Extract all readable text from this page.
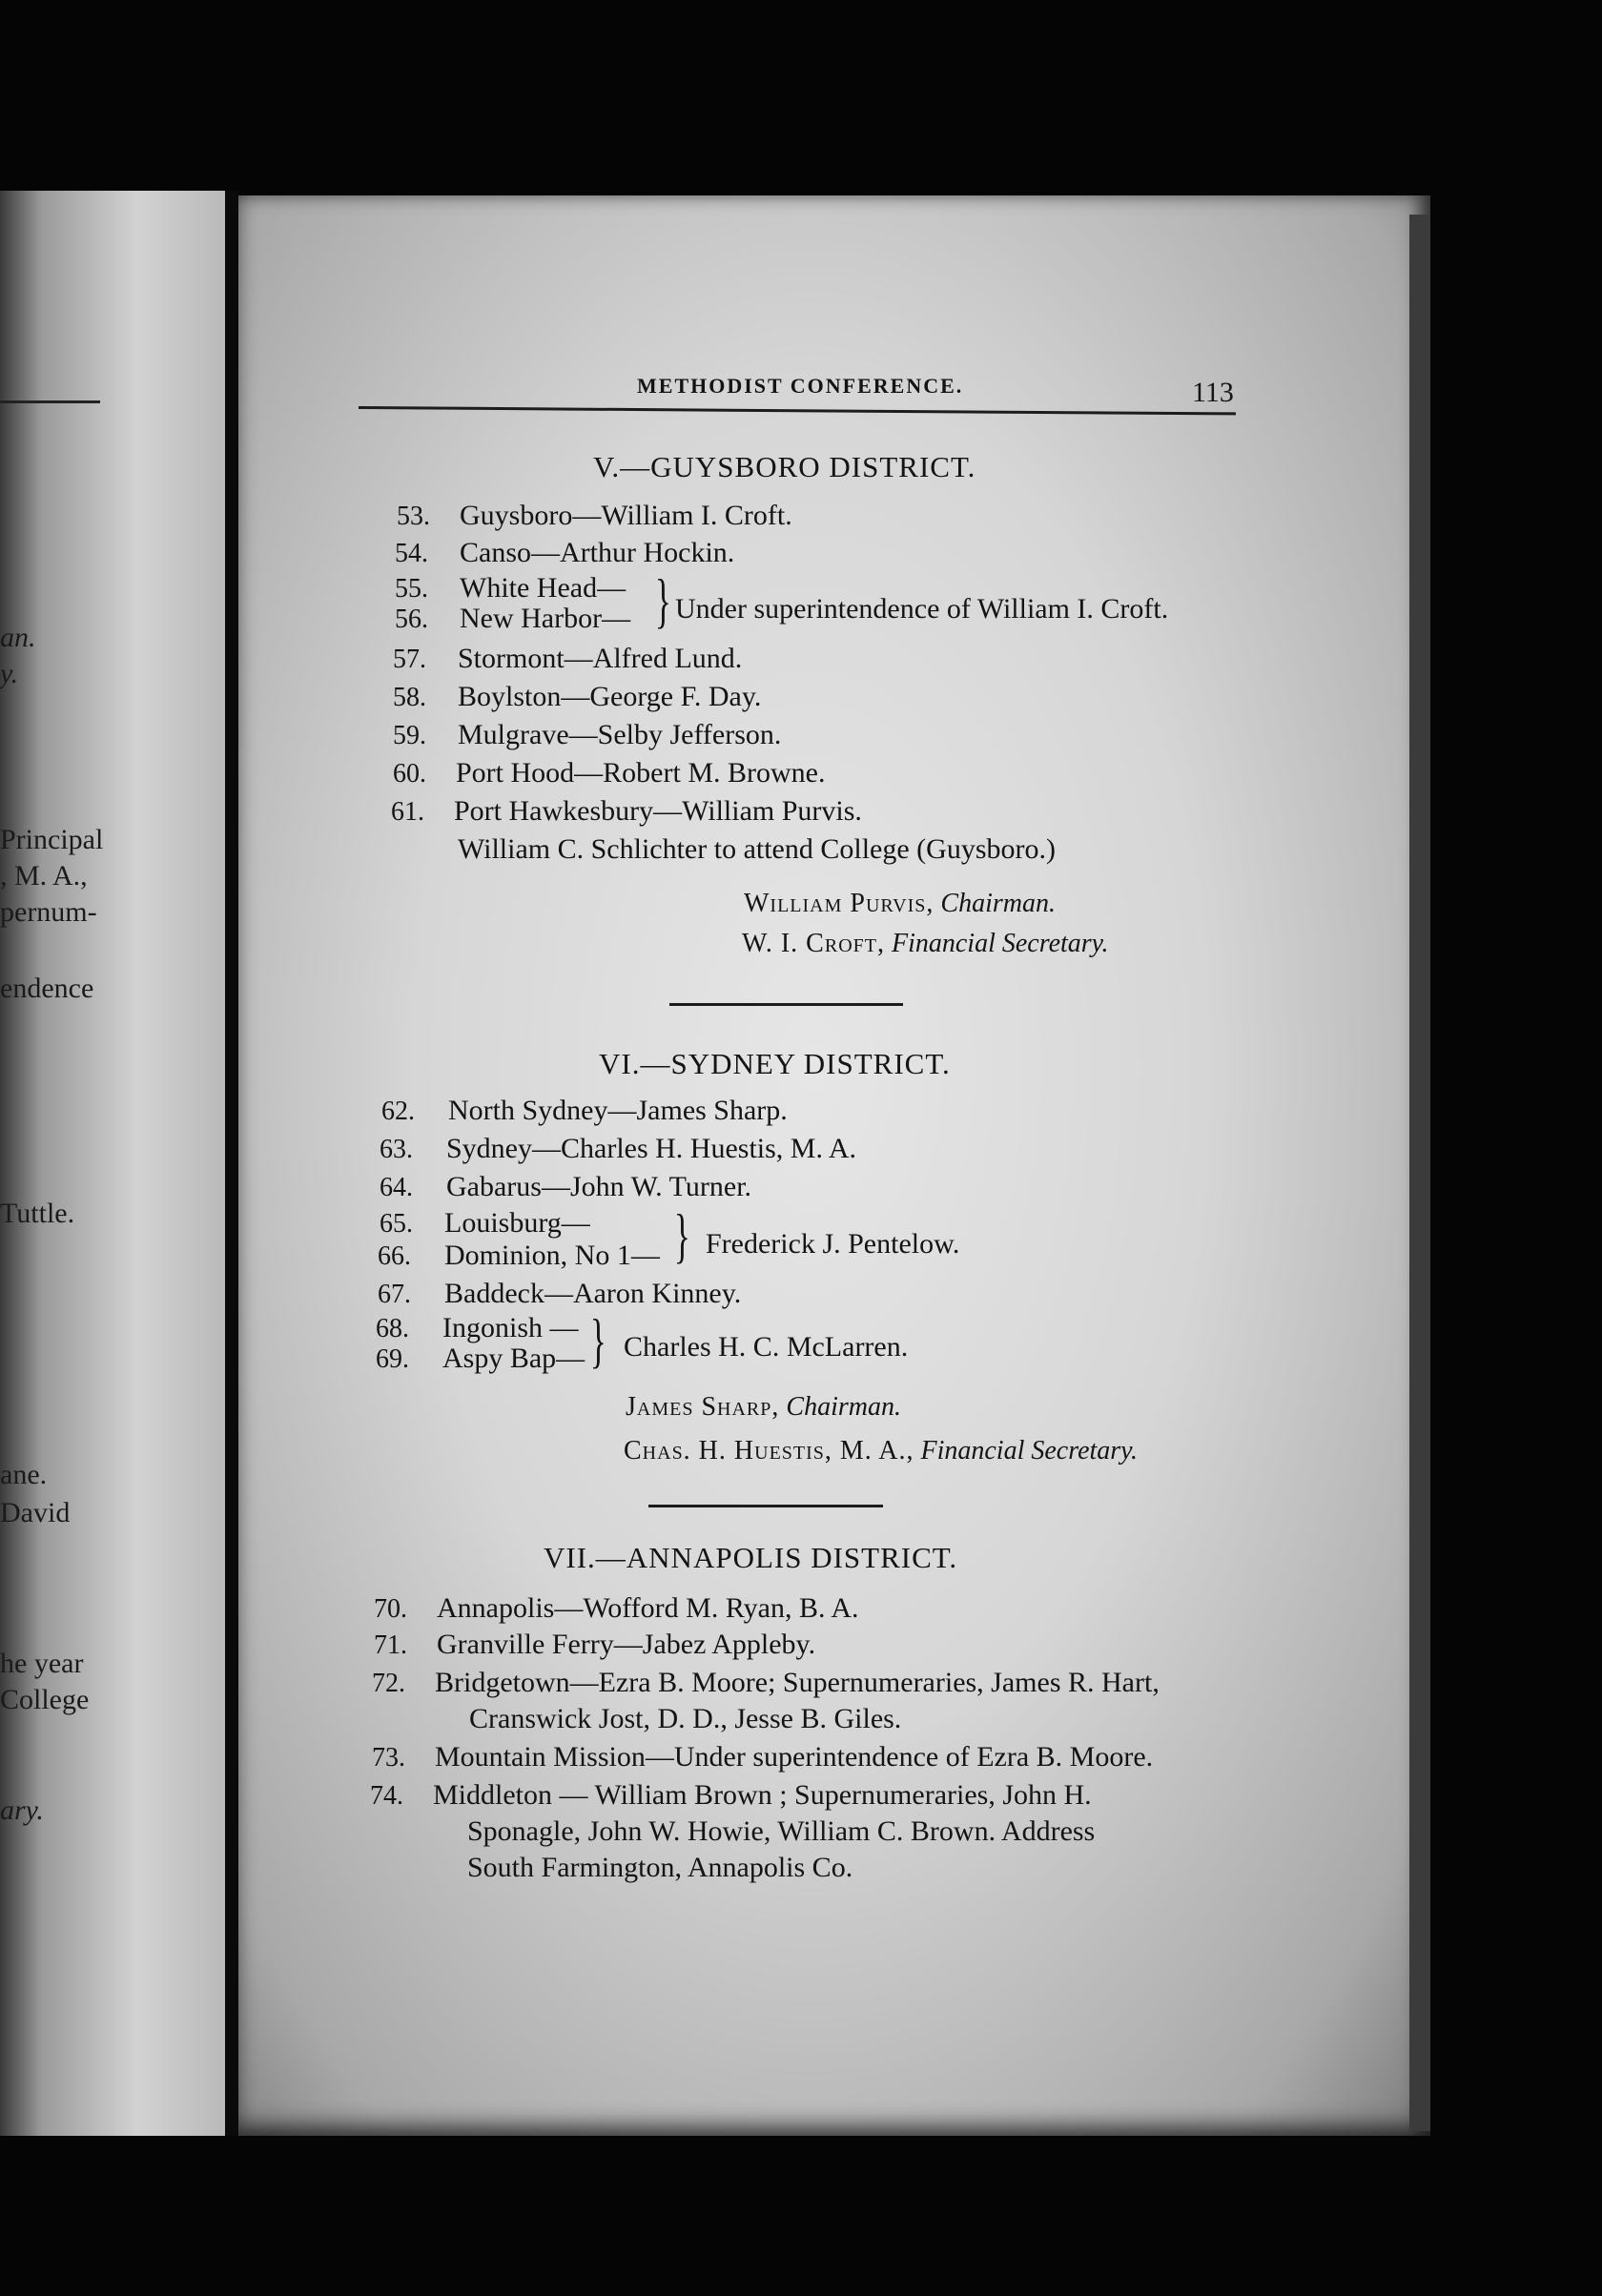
an.
y.
Principal
, M. A.,
pernum-
endence
Tuttle.
ane.
David
he year
College
ary.
METHODIST CONFERENCE.	113
V.—GUYSBORO DISTRICT.
53. Guysboro—William I. Croft.
54. Canso—Arthur Hockin.
55. White Head—
56. New Harbor— } Under superintendence of William I. Croft.
57. Stormont—Alfred Lund.
58. Boylston—George F. Day.
59. Mulgrave—Selby Jefferson.
60. Port Hood—Robert M. Browne.
61. Port Hawkesbury—William Purvis.
William C. Schlichter to attend College (Guysboro.)
William Purvis, Chairman.
W. I. Croft, Financial Secretary.
VI.—SYDNEY DISTRICT.
62. North Sydney—James Sharp.
63. Sydney—Charles H. Huestis, M. A.
64. Gabarus—John W. Turner.
65. Louisburg—
66. Dominion, No 1— } Frederick J. Pentelow.
67. Baddeck—Aaron Kinney.
68. Ingonish —
69. Aspy Bap— } Charles H. C. McLarren.
James Sharp, Chairman.
Chas. H. Huestis, M. A., Financial Secretary.
VII.—ANNAPOLIS DISTRICT.
70. Annapolis—Wofford M. Ryan, B. A.
71. Granville Ferry—Jabez Appleby.
72. Bridgetown—Ezra B. Moore; Supernumeraries, James R. Hart,
Cranswick Jost, D. D., Jesse B. Giles.
73. Mountain Mission—Under superintendence of Ezra B. Moore.
74. Middleton — William Brown ; Supernumeraries, John H.
Sponagle, John W. Howie, William C. Brown. Address
South Farmington, Annapolis Co.
